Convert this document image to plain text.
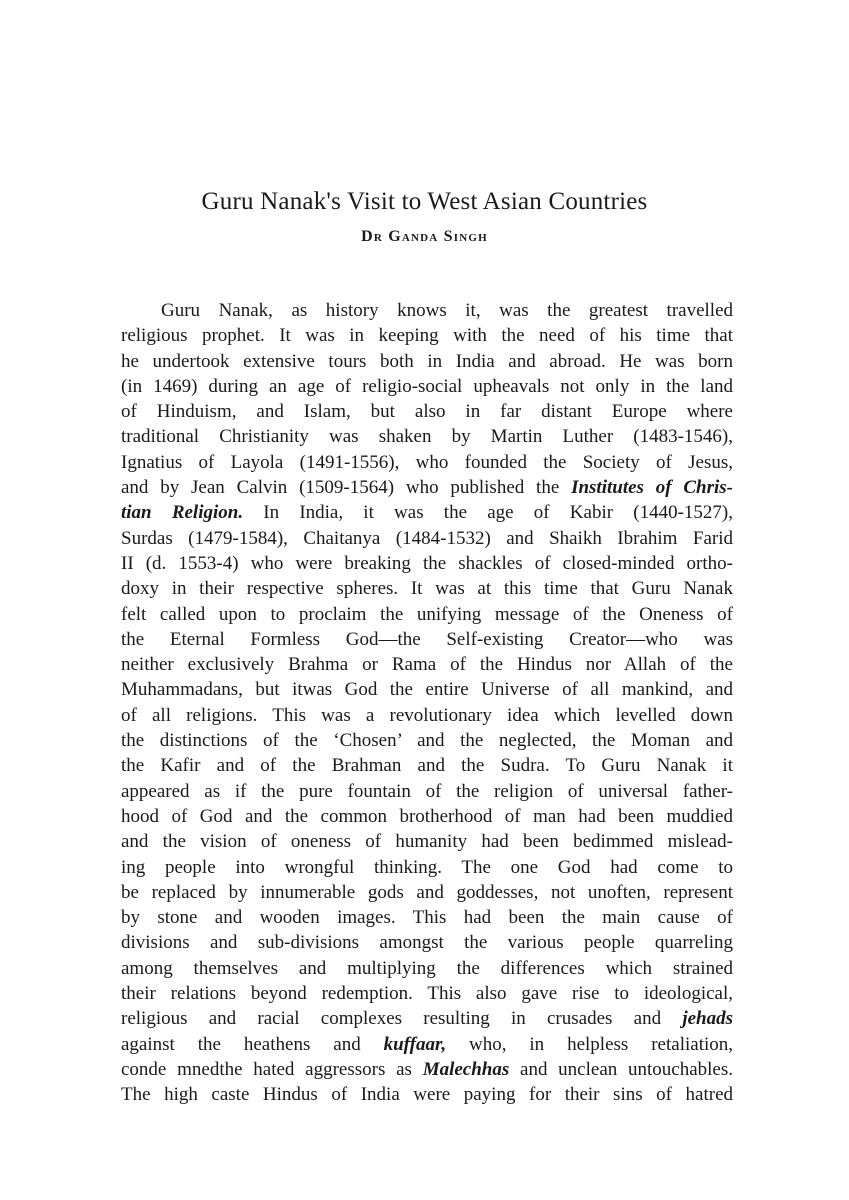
Guru Nanak's Visit to West Asian Countries
Dr Ganda Singh
Guru Nanak, as history knows it, was the greatest travelled
religious prophet. It was in keeping with the need of his time that
he undertook extensive tours both in India and abroad. He was born
(in 1469) during an age of religio-social upheavals not only in the land
of Hinduism, and Islam, but also in far distant Europe where
traditional Christianity was shaken by Martin Luther (1483-1546),
Ignatius of Layola (1491-1556), who founded the Society of Jesus,
and by Jean Calvin (1509-1564) who published the Institutes of Chris-
tian Religion. In India, it was the age of Kabir (1440-1527),
Surdas (1479-1584), Chaitanya (1484-1532) and Shaikh Ibrahim Farid
II (d. 1553-4) who were breaking the shackles of closed-minded ortho-
doxy in their respective spheres. It was at this time that Guru Nanak
felt called upon to proclaim the unifying message of the Oneness of
the Eternal Formless God—the Self-existing Creator—who was
neither exclusively Brahma or Rama of the Hindus nor Allah of the
Muhammadans, but itwas God the entire Universe of all mankind, and
of all religions. This was a revolutionary idea which levelled down
the distinctions of the ‘Chosen’ and the neglected, the Moman and
the Kafir and of the Brahman and the Sudra. To Guru Nanak it
appeared as if the pure fountain of the religion of universal father-
hood of God and the common brotherhood of man had been muddied
and the vision of oneness of humanity had been bedimmed mislead-
ing people into wrongful thinking. The one God had come to
be replaced by innumerable gods and goddesses, not unoften, represent
by stone and wooden images. This had been the main cause of
divisions and sub-divisions amongst the various people quarreling
among themselves and multiplying the differences which strained
their relations beyond redemption. This also gave rise to ideological,
religious and racial complexes resulting in crusades and jehads
against the heathens and kuffaar, who, in helpless retaliation,
conde mnedthe hated aggressors as Malechhas and unclean untouchables.
The high caste Hindus of India were paying for their sins of hatred
